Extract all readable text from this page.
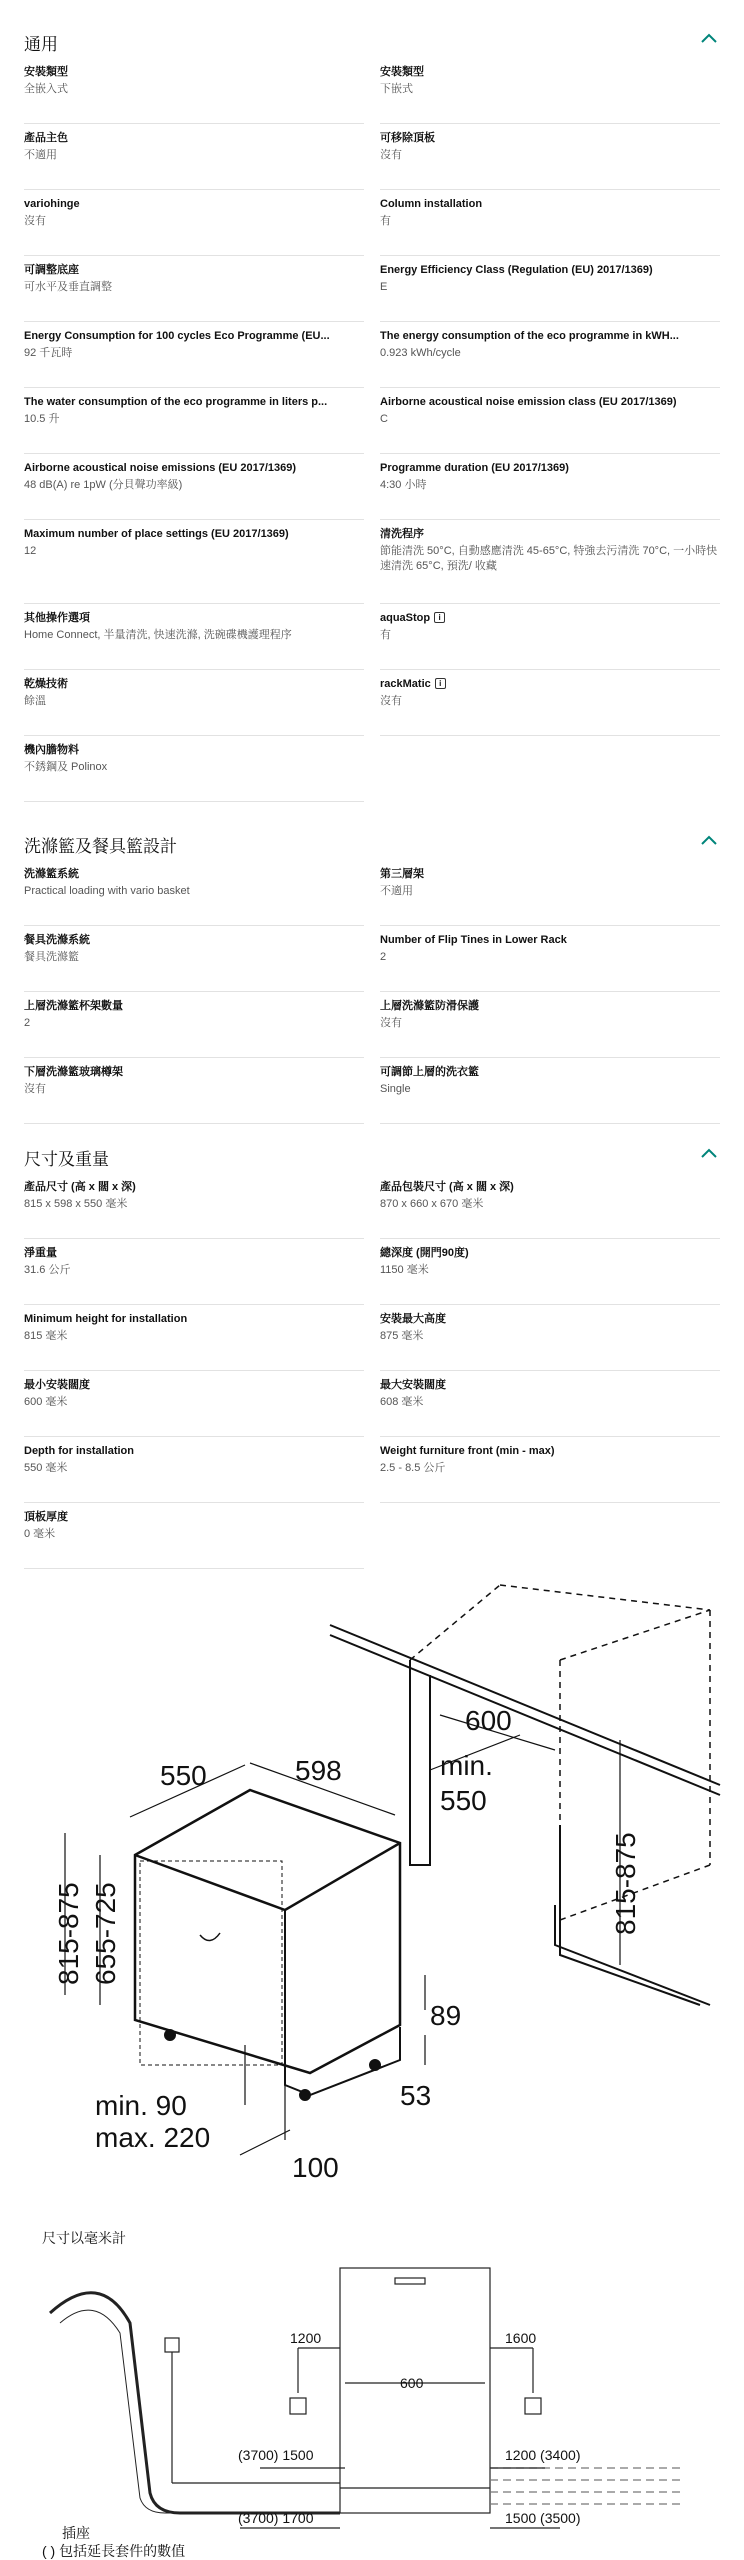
通用
安裝類型
全嵌入式
安裝類型
下嵌式
產品主色
不適用
可移除頂板
沒有
variohinge
沒有
Column installation
有
可調整底座
可水平及垂直調整
Energy Efficiency Class (Regulation (EU) 2017/1369)
E
Energy Consumption for 100 cycles Eco Programme (EU...
92 千瓦時
The energy consumption of the eco programme in kWH...
0.923 kWh/cycle
The water consumption of the eco programme in liters p...
10.5 升
Airborne acoustical noise emission class (EU 2017/1369)
C
Airborne acoustical noise emissions (EU 2017/1369)
48 dB(A) re 1pW (分貝聲功率級)
Programme duration (EU 2017/1369)
4:30 小時
Maximum number of place settings (EU 2017/1369)
12
清洗程序
節能清洗 50°C, 自動感應清洗 45-65°C, 特強去污清洗 70°C, 一小時快速清洗 65°C, 預洗/ 收藏
其他操作選項
Home Connect, 半量清洗, 快速洗滌, 洗碗碟機護理程序
aquaStop i
有
乾燥技術
餘溫
rackMatic i
沒有
機內膽物料
不銹鋼及 Polinox
洗滌籃及餐具籃設計
洗滌籃系統
Practical loading with vario basket
第三層架
不適用
餐具洗滌系統
餐具洗滌籃
Number of Flip Tines in Lower Rack
2
上層洗滌籃杯架數量
2
上層洗滌籃防滑保護
沒有
下層洗滌籃玻璃樽架
沒有
可調節上層的洗衣籃
Single
尺寸及重量
產品尺寸 (高 x 闊 x 深)
815 x 598 x 550 毫米
產品包裝尺寸 (高 x 闊 x 深)
870 x 660 x 670 毫米
淨重量
31.6 公斤
總深度 (開門90度)
1150 毫米
Minimum height for installation
815 毫米
安裝最大高度
875 毫米
最小安裝闊度
600 毫米
最大安裝闊度
608 毫米
Depth for installation
550 毫米
Weight furniture front (min - max)
2.5 - 8.5 公斤
頂板厚度
0 毫米
550	598
600
min.
550
815-875 655-725	815-875
89
53
min. 90
max. 220
100
尺寸以毫米計
1200	1600
600
(3700) 1500	1200 (3400)
(3700) 1700	1500 (3500)
插座
( ) 包括延長套件的數值
